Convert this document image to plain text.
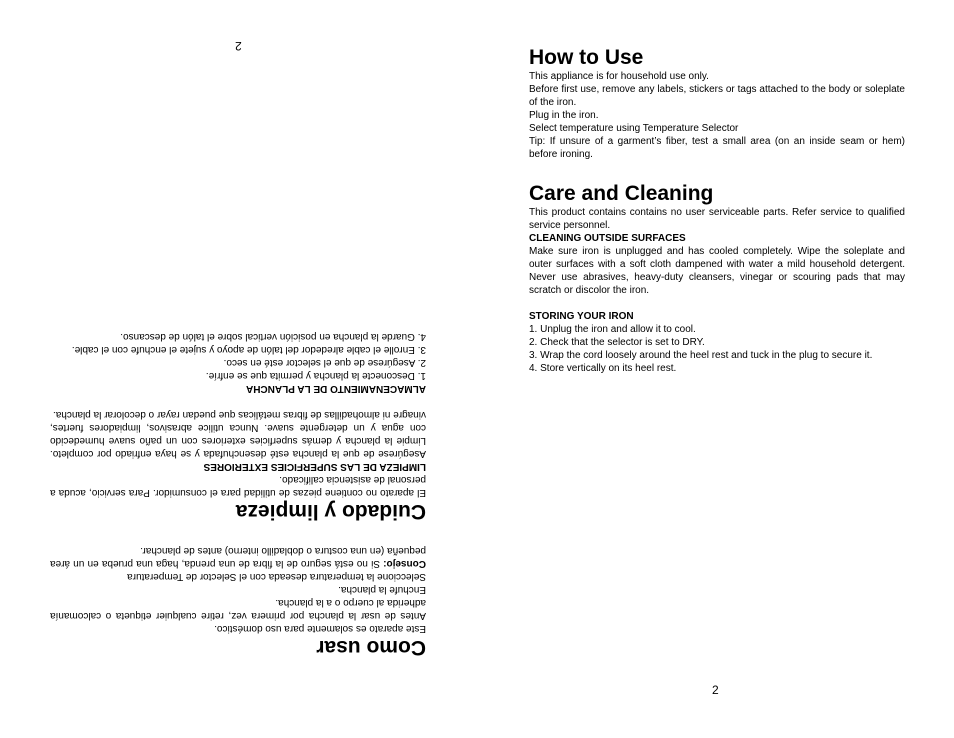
How to Use

This appliance is for household use only.

Before first use, remove any labels, stickers or tags attached to the body or soleplate of the iron.

Plug in the iron.

Select temperature using Temperature Selector

Tip: If unsure of a garment’s fiber, test a small area (on an inside seam or hem) before ironing.

Care and Cleaning

This product contains contains no user serviceable parts. Refer service to qualified service personnel.

CLEANING OUTSIDE SURFACES

Make sure iron is unplugged and has cooled completely. Wipe the soleplate and outer surfaces with a soft cloth dampened with water a mild household detergent. Never use abrasives, heavy-duty cleansers, vinegar or scouring pads that may scratch or discolor the iron.

STORING YOUR IRON

1. Unplug the iron and allow it to cool.

2. Check that the selector is set to DRY.

3. Wrap the cord loosely around the heel rest and tuck in the plug to secure it.

4. Store vertically on its heel rest.

2
Como usar

Este aparato es solamente para uso doméstico.

Antes de usar la plancha por primera vez, retire cualquier etiqueta o calcomanía adherida al cuerpo o a la plancha.

Enchufe la plancha.

Seleccione la temperatura deseada con el Selector de Temperatura

Consejo: Si no está seguro de la fibra de una prenda, haga una prueba en un área pequeña (en una costura o dobladillo interno) antes de planchar.

Cuidado y limpieza

El aparato no contiene piezas de utilidad para el consumidor. Para servicio, acuda a personal de asistencia calificado.

LIMPIEZA DE LAS SUPERFICIES EXTERIORES

Asegúrese de que la plancha esté desenchufada y se haya enfriado por completo. Limpie la plancha y demás superficies exteriores con un paño suave humedecido con agua y un detergente suave. Nunca utilice abrasivos, limpiadores fuertes, vinagre ni almohadillas de fibras metálicas que puedan rayar o decolorar la plancha.

ALMACENAMIENTO DE LA PLANCHA

1. Desconecte la plancha y permita que se enfríe.

2. Asegúrese de que el selector esté en seco.

3. Enrolle el cable alrededor del talón de apoyo y sujete el enchufe con el cable.

4. Guarde la plancha en posición vertical sobre el talón de descanso.

2
